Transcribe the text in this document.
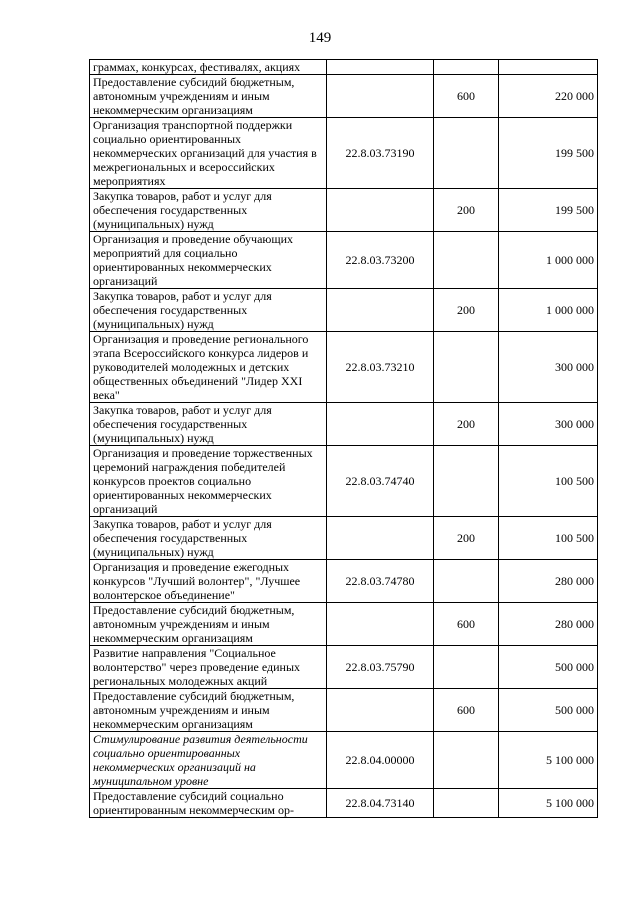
149
граммах, конкурсах, фестивалях, акциях			
Предоставление субсидий бюджетным, автономным учреждениям и иным некоммерческим организациям		600	220 000
Организация транспортной поддержки социально ориентированных некоммерческих организаций для участия в межрегиональных и всероссийских мероприятиях	22.8.03.73190		199 500
Закупка товаров, работ и услуг для обеспечения государственных (муниципальных) нужд		200	199 500
Организация и проведение обучающих мероприятий для социально ориентированных некоммерческих организаций	22.8.03.73200		1 000 000
Закупка товаров, работ и услуг для обеспечения государственных (муниципальных) нужд		200	1 000 000
Организация и проведение регионального этапа Всероссийского конкурса лидеров и руководителей молодежных и детских общественных объединений "Лидер XXI века"	22.8.03.73210		300 000
Закупка товаров, работ и услуг для обеспечения государственных (муниципальных) нужд		200	300 000
Организация и проведение торжественных церемоний награждения победителей конкурсов проектов социально ориентированных некоммерческих организаций	22.8.03.74740		100 500
Закупка товаров, работ и услуг для обеспечения государственных (муниципальных) нужд		200	100 500
Организация и проведение ежегодных конкурсов "Лучший волонтер", "Лучшее волонтерское объединение"	22.8.03.74780		280 000
Предоставление субсидий бюджетным, автономным учреждениям и иным некоммерческим организациям		600	280 000
Развитие направления "Социальное волонтерство" через проведение единых региональных молодежных акций	22.8.03.75790		500 000
Предоставление субсидий бюджетным, автономным учреждениям и иным некоммерческим организациям		600	500 000
Стимулирование развития деятельности социально ориентированных некоммерческих организаций на муниципальном уровне	22.8.04.00000		5 100 000
Предоставление субсидий социально ориентированным некоммерческим ор-	22.8.04.73140		5 100 000
